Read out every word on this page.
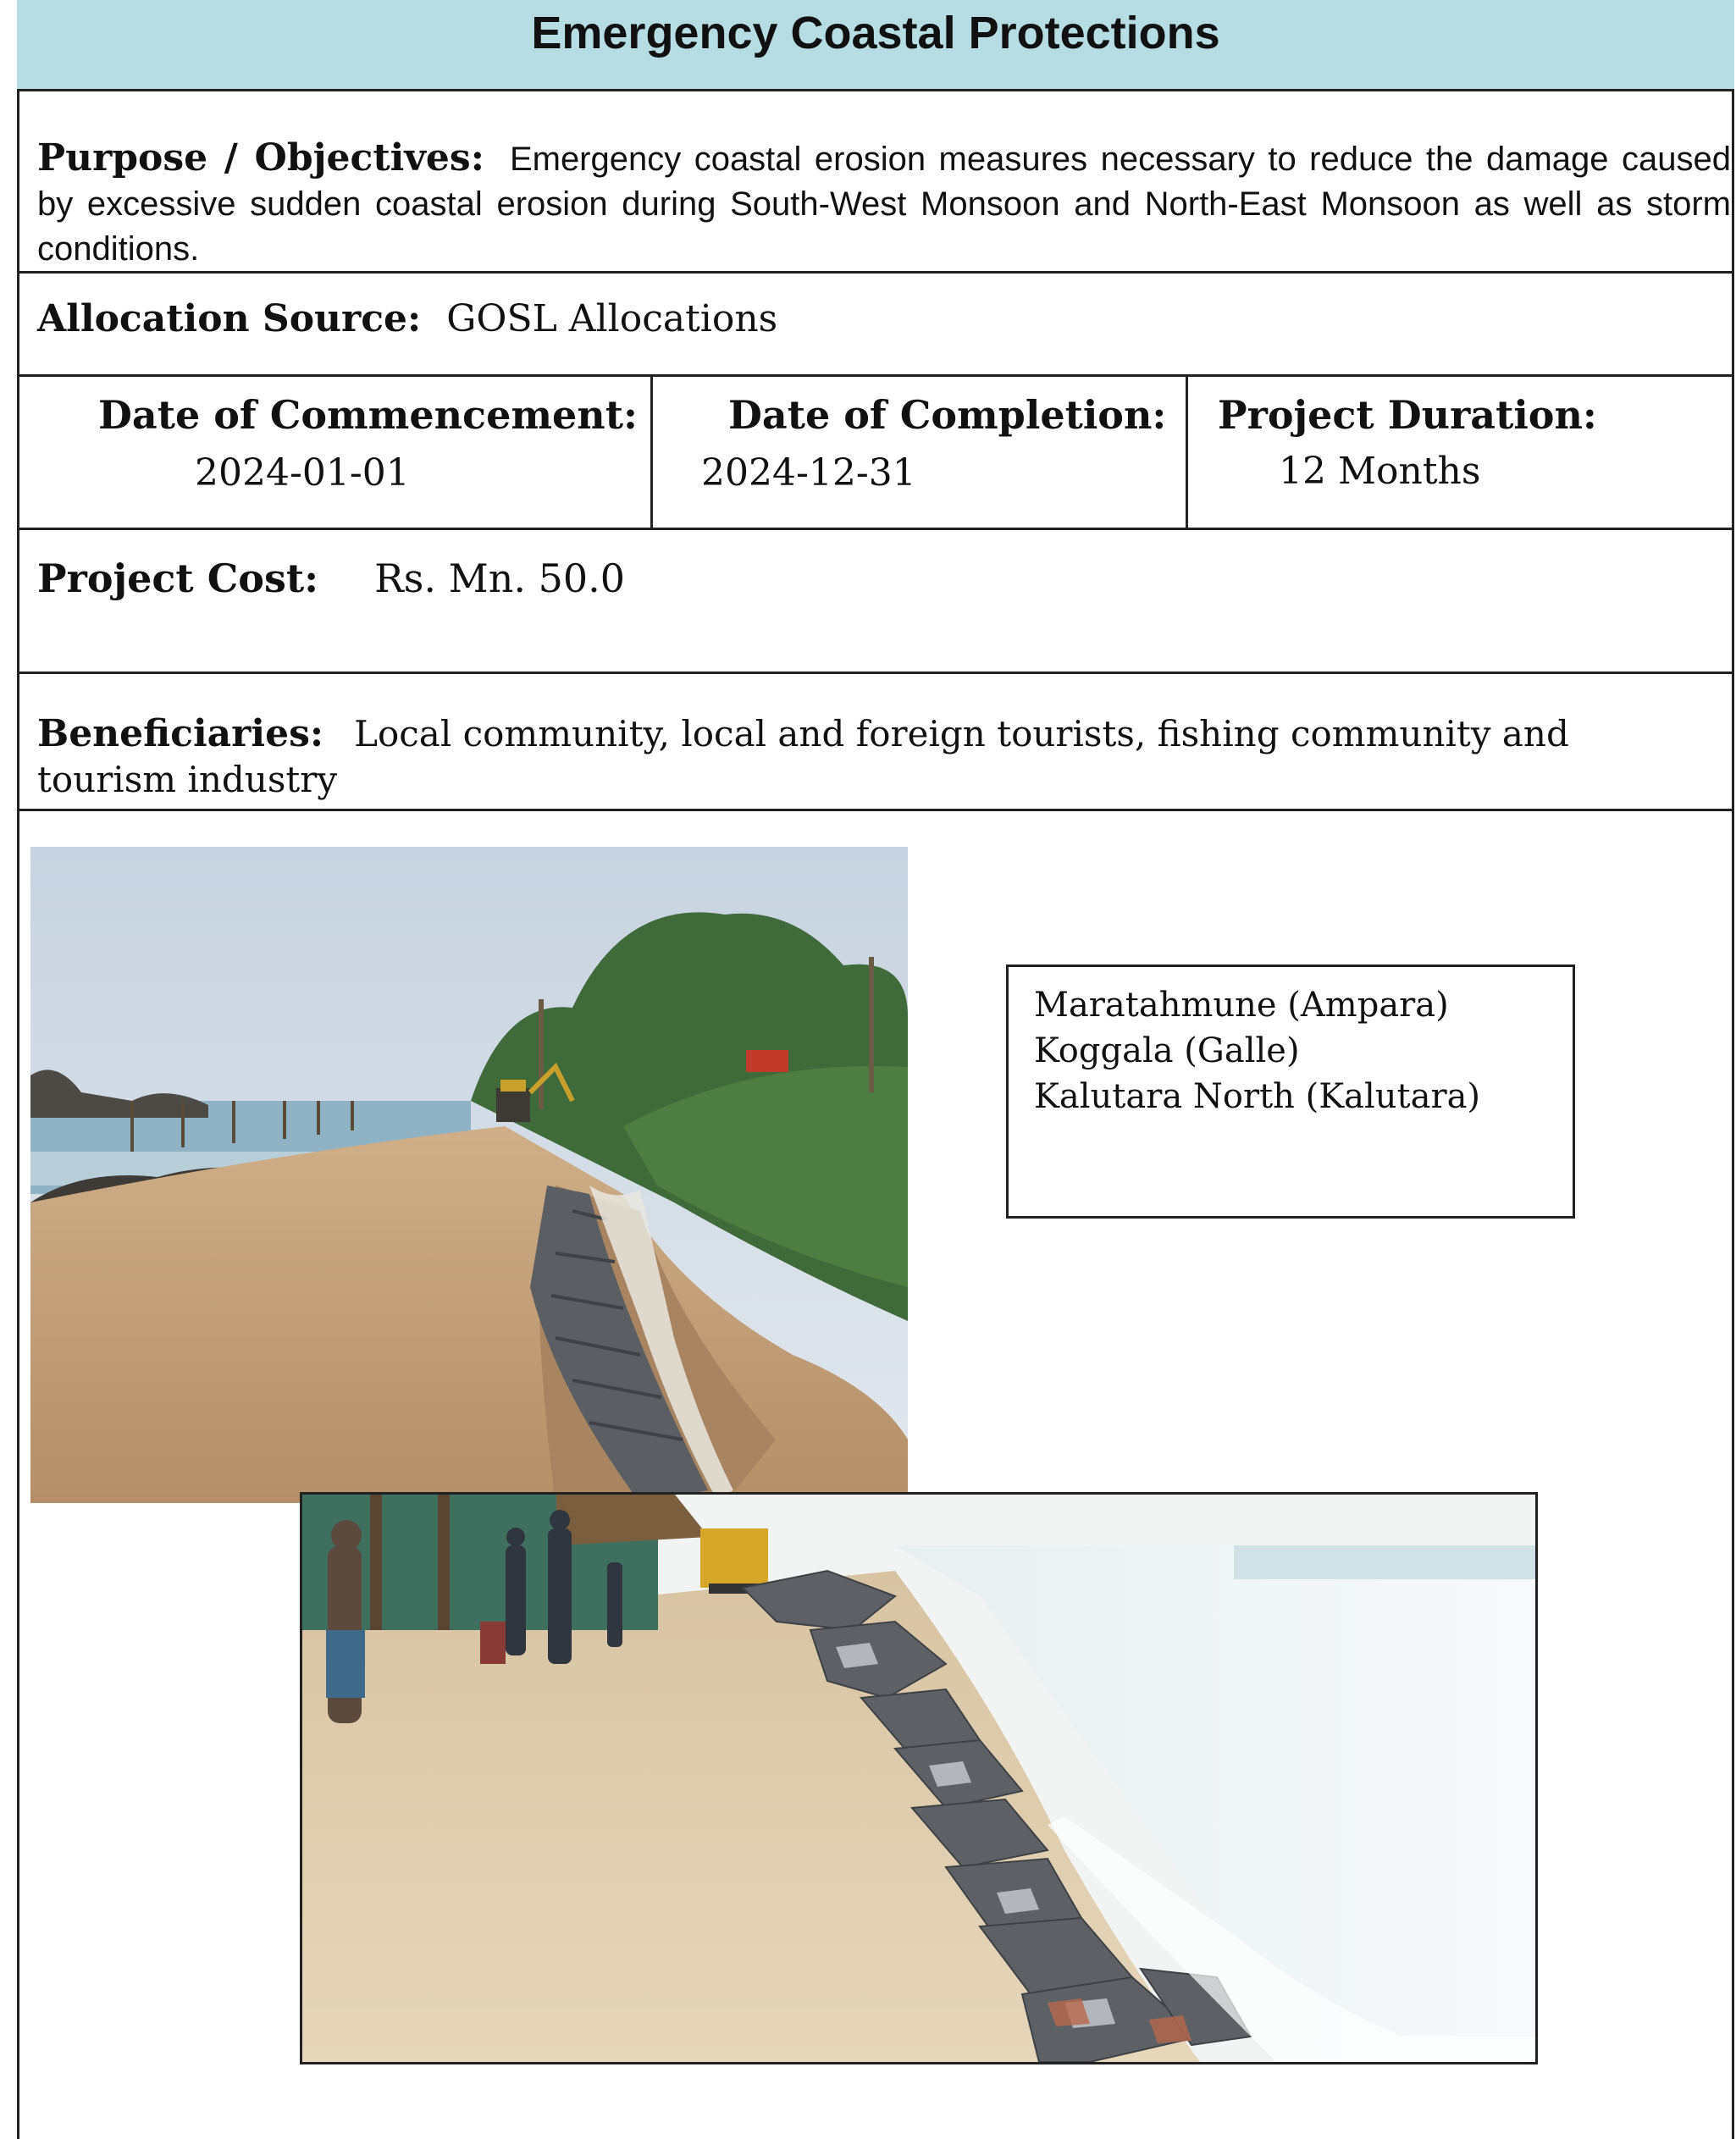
Emergency Coastal Protections
Purpose / Objectives: Emergency coastal erosion measures necessary to reduce the damage caused by excessive sudden coastal erosion during South-West Monsoon and North-East Monsoon as well as storm conditions.
Allocation Source: GOSL Allocations
Date of Commencement:
2024-01-01
Date of Completion:
2024-12-31
Project Duration:
12 Months
Project Cost: Rs. Mn. 50.0
Beneficiaries: Local community, local and foreign tourists, fishing community and tourism industry
Maratahmune (Ampara)
Koggala (Galle)
Kalutara North (Kalutara)
